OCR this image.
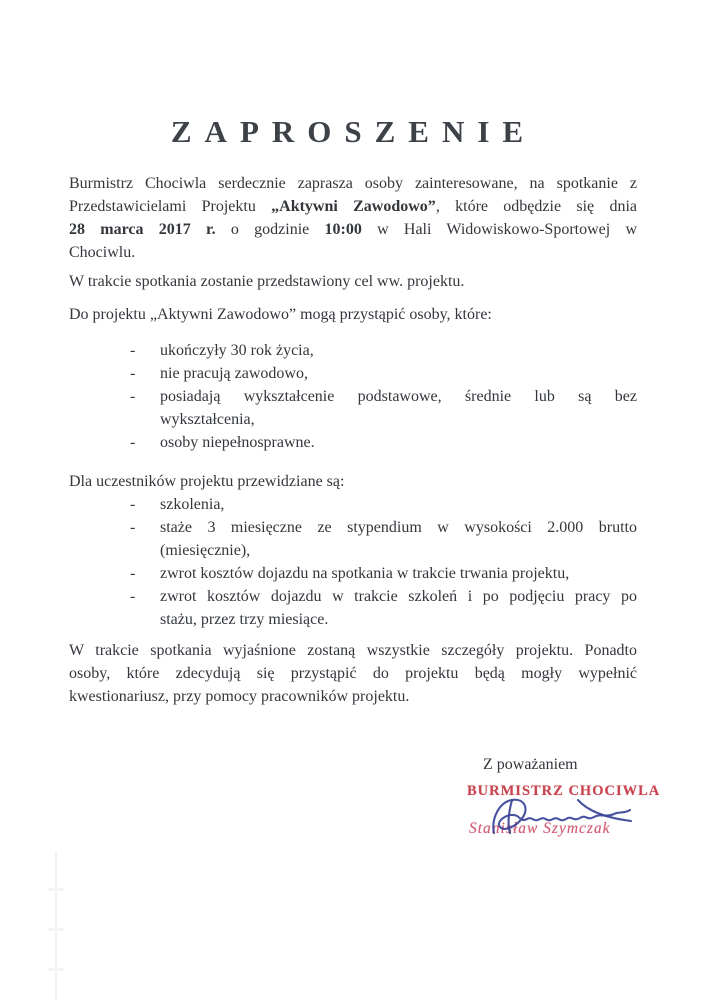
ZAPROSZENIE
Burmistrz Chociwla serdecznie zaprasza osoby zainteresowane, na spotkanie z
Przedstawicielami Projektu „Aktywni Zawodowo”, które odbędzie się dnia
28 marca 2017 r. o godzinie 10:00 w Hali Widowiskowo-Sportowej w
Chociwlu.
W trakcie spotkania zostanie przedstawiony cel ww. projektu.
Do projektu „Aktywni Zawodowo” mogą przystąpić osoby, które:
-	ukończyły 30 rok życia,
-	nie pracują zawodowo,
-	posiadają wykształcenie podstawowe, średnie lub są bez
wykształcenia,
-	osoby niepełnosprawne.
Dla uczestników projektu przewidziane są:
-	szkolenia,
-	staże 3 miesięczne ze stypendium w wysokości 2.000 brutto
(miesięcznie),
-	zwrot kosztów dojazdu na spotkania w trakcie trwania projektu,
-	zwrot kosztów dojazdu w trakcie szkoleń i po podjęciu pracy po
stażu, przez trzy miesiące.
W trakcie spotkania wyjaśnione zostaną wszystkie szczegóły projektu. Ponadto
osoby, które zdecydują się przystąpić do projektu będą mogły wypełnić
kwestionariusz, przy pomocy pracowników projektu.
Z poważaniem
BURMISTRZ CHOCIWLA
Stanisław Szymczak
